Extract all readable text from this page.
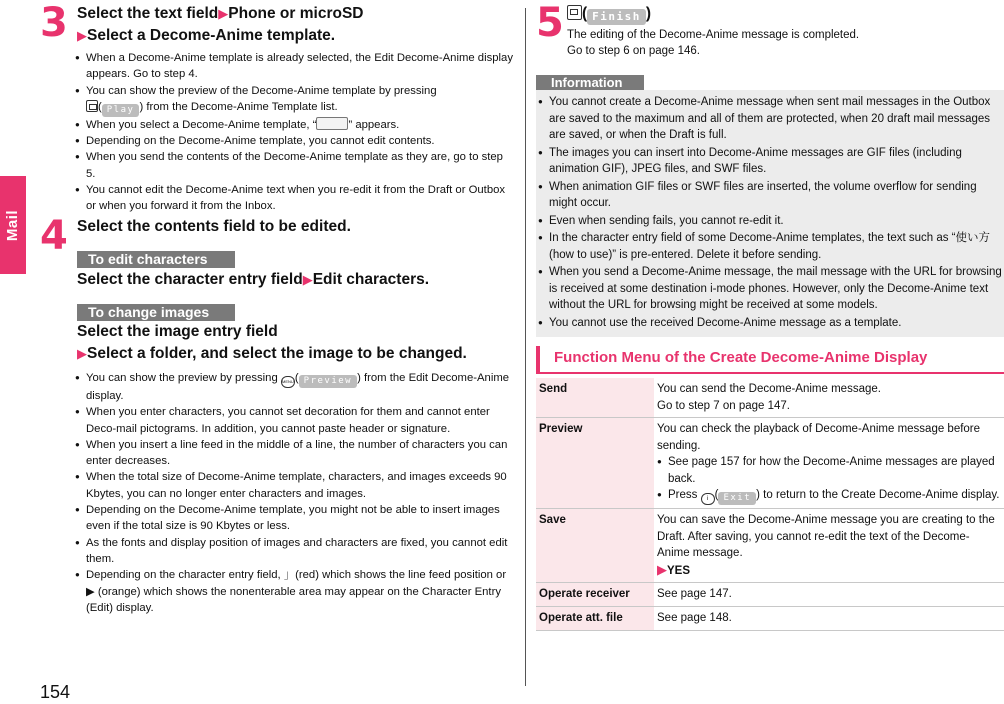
Mail
154
3 Select the text field▶Phone or microSD
▶Select a Decome-Anime template.
● When a Decome-Anime template is already selected, the Edit Decome-Anime display appears. Go to step 4.
● You can show the preview of the Decome-Anime template by pressing
( Play ) from the Decome-Anime Template list.
● When you select a Decome-Anime template, “	” appears.
● Depending on the Decome-Anime template, you cannot edit contents.
● When you send the contents of the Decome-Anime template as they are, go to step 5.
● You cannot edit the Decome-Anime text when you re-edit it from the Draft or Outbox or when you forward it from the Inbox.
4 Select the contents field to be edited.
To edit characters
Select the character entry field▶Edit characters.
To change images
Select the image entry field
▶Select a folder, and select the image to be changed.
● You can show the preview by pressing MENU( Preview ) from the Edit Decome-Anime display.
● When you enter characters, you cannot set decoration for them and cannot enter Deco-mail pictograms. In addition, you cannot paste header or signature.
● When you insert a line feed in the middle of a line, the number of characters you can enter decreases.
● When the total size of Decome-Anime template, characters, and images exceeds 90 Kbytes, you can no longer enter characters and images.
● Depending on the Decome-Anime template, you might not be able to insert images even if the total size is 90 Kbytes or less.
● As the fonts and display position of images and characters are fixed, you cannot edit them.
● Depending on the character entry field, 」(red) which shows the line feed position or ▶ (orange) which shows the nonenterable area may appear on the Character Entry (Edit) display.
5	( Finish )
The editing of the Decome-Anime message is completed.
Go to step 6 on page 146.
Information
● You cannot create a Decome-Anime message when sent mail messages in the Outbox are saved to the maximum and all of them are protected, when 20 draft mail messages are saved, or when the Draft is full.
● The images you can insert into Decome-Anime messages are GIF files (including animation GIF), JPEG files, and SWF files.
● When animation GIF files or SWF files are inserted, the volume overflow for sending might occur.
● Even when sending fails, you cannot re-edit it.
● In the character entry field of some Decome-Anime templates, the text such as “使い方 (how to use)” is pre-entered. Delete it before sending.
● When you send a Decome-Anime message, the mail message with the URL for browsing is received at some destination i-mode phones. However, only the Decome-Anime text without the URL for browsing might be received at some models.
● You cannot use the received Decome-Anime message as a template.
Function Menu of the Create Decome-Anime Display
Send	You can send the Decome-Anime message.
Go to step 7 on page 147.

Preview	You can check the playback of Decome-Anime message before sending.
● See page 157 for how the Decome-Anime messages are played back.
● Press i ( Exit ) to return to the Create Decome-Anime display.

Save	You can save the Decome-Anime message you are creating to the Draft. After saving, you cannot re-edit the text of the Decome-Anime message.
▶YES

Operate receiver	See page 147.
Operate att. file	See page 148.
